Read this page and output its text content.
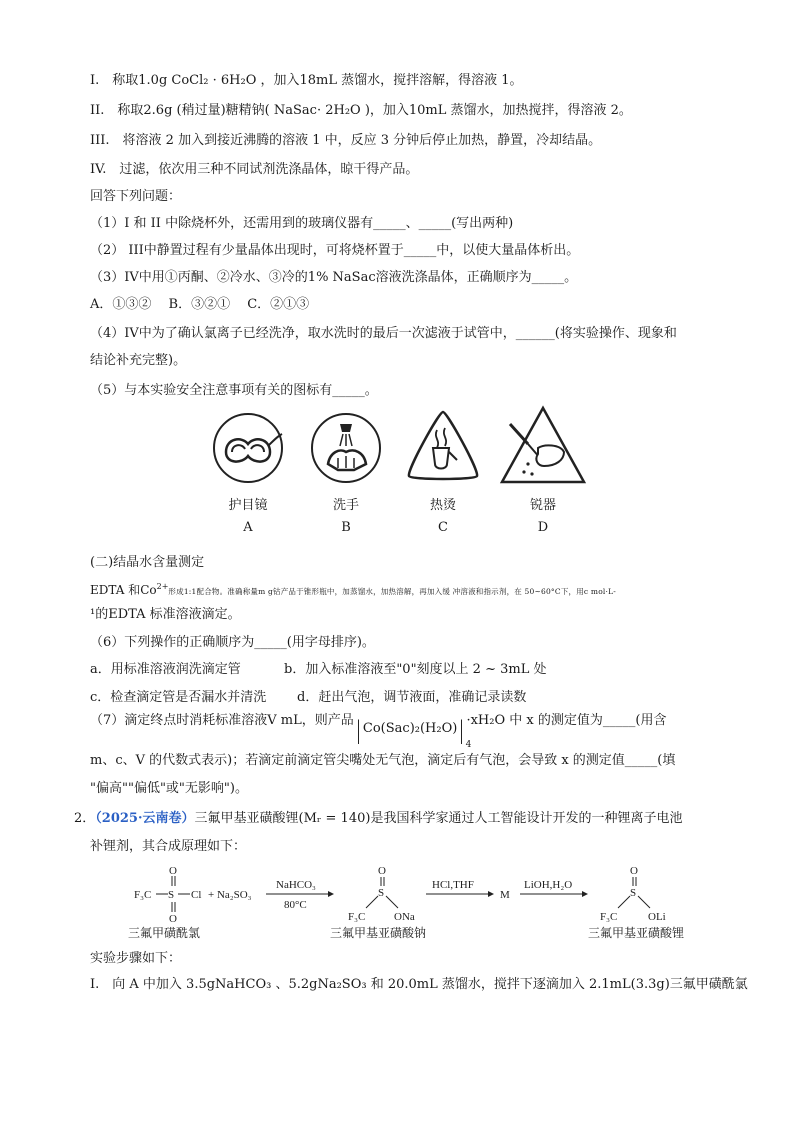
I.　称取1.0g CoCl₂ · 6H₂O ，加入18mL 蒸馏水，搅拌溶解，得溶液 1。
II.　称取2.6g (稍过量)糖精钠( NaSac· 2H₂O )，加入10mL 蒸馏水，加热搅拌，得溶液 2。
III.　将溶液 2 加入到接近沸腾的溶液 1 中，反应 3 分钟后停止加热，静置，冷却结晶。
IV.　过滤，依次用三种不同试剂洗涤晶体，晾干得产品。
回答下列问题：
（1）I 和 II 中除烧杯外，还需用到的玻璃仪器有_____、_____(写出两种)
（2） III中静置过程有少量晶体出现时，可将烧杯置于_____中，以使大量晶体析出。
（3）IV中用①丙酮、②冷水、③冷的1% NaSac溶液洗涤晶体，正确顺序为_____。
A．①③②　 B．③②①　 C．②①③
（4）IV中为了确认氯离子已经洗净，取水洗时的最后一次滤液于试管中，______(将实验操作、现象和
结论补充完整)。
（5）与本实验安全注意事项有关的图标有_____。
护目镜	洗手	热烫	锐器
A	B	C	D
(二)结晶水含量测定
EDTA 和$Co^{2+}$形成1:1配合物。准确称量m g钴产品于锥形瓶中，加蒸馏水，加热溶解，再加入缓 冲溶液和指示剂，在 50~60°C下，用c mol·L-
¹的EDTA 标准溶液滴定。
（6）下列操作的正确顺序为_____(用字母排序)。
a．用标准溶液润洗滴定管	b．加入标准溶液至"0"刻度以上 2 ~ 3mL 处
c．检查滴定管是否漏水并清洗 d．赶出气泡，调节液面，准确记录读数
（7）滴定终点时消耗标准溶液V mL，则产品 Co(Sac)₂(H₂O)
4
·xH₂O 中 x 的测定值为_____(用含
m、c、V 的代数式表示)；若滴定前滴定管尖嘴处无气泡，滴定后有气泡，会导致 x 的测定值_____(填
"偏高""偏低"或"无影响")。
2．（2025·云南卷）三氟甲基亚磺酸锂(Mᵣ = 140)是我国科学家通过人工智能设计开发的一种锂离子电池
补锂剂，其合成原理如下：
F₃C S
O
O
Cl + Na₂SO₃
NaHCO₃
80°C
O
S
F₃C	ONa
HCl,THF
M
LiOH,H₂O
O
S
F₃C	OLi
三氟甲磺酰氯	三氟甲基亚磺酸钠	三氟甲基亚磺酸锂
实验步骤如下：
I.　向 A 中加入 3.5gNaHCO₃ 、5.2gNa₂SO₃ 和 20.0mL 蒸馏水，搅拌下逐滴加入 2.1mL(3.3g)三氟甲磺酰氯
